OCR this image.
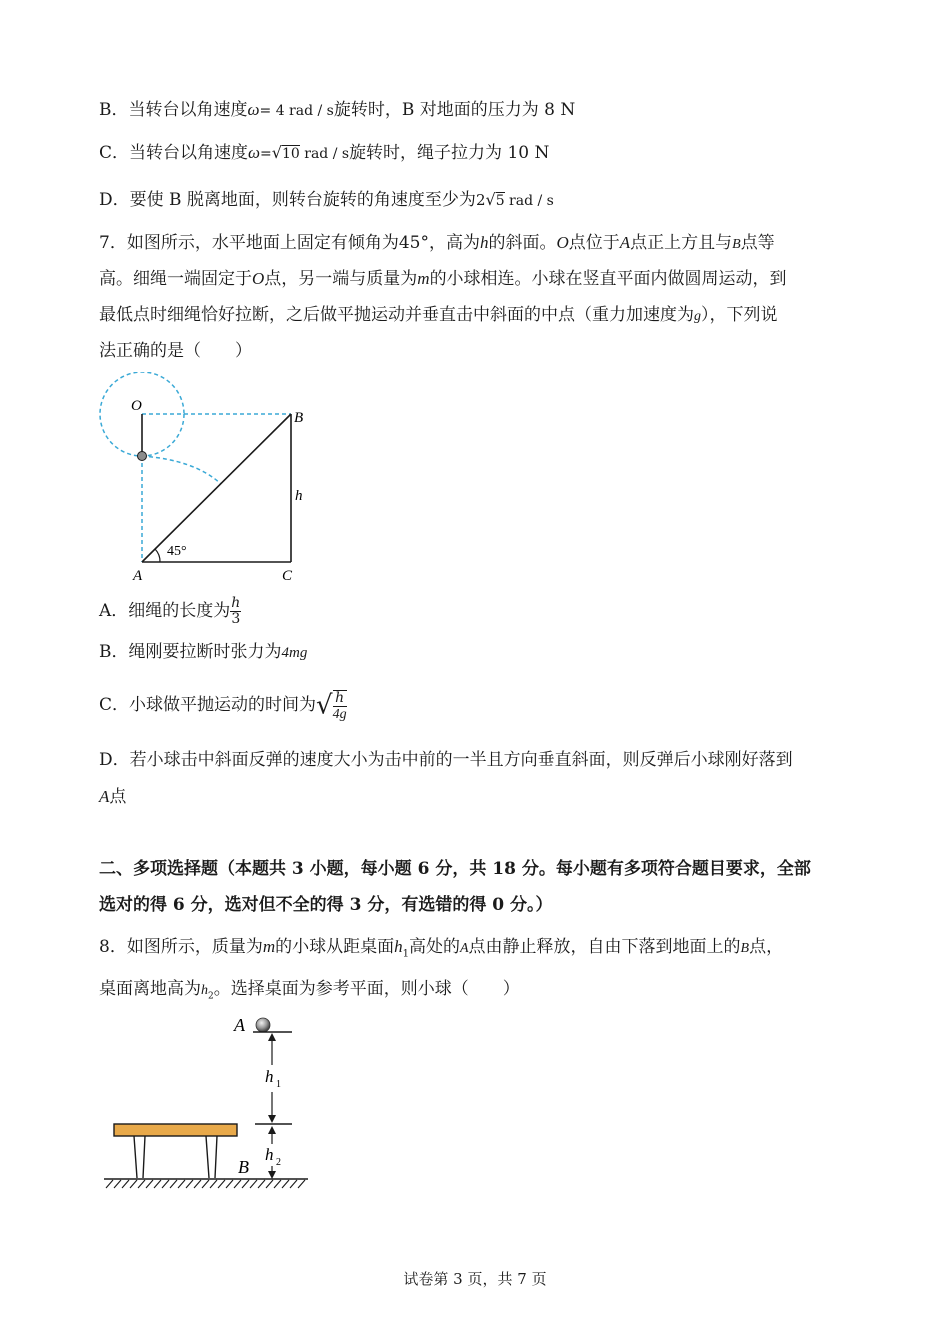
B．当转台以角速度ω= 4 rad / s旋转时，B 对地面的压力为 8 N
C．当转台以角速度ω=√10 rad / s旋转时，绳子拉力为 10 N
D．要使 B 脱离地面，则转台旋转的角速度至少为2√5 rad / s
7．如图所示，水平地面上固定有倾角为45°，高为h的斜面。O点位于A点正上方且与B点等
高。细绳一端固定于O点，另一端与质量为m的小球相连。小球在竖直平面内做圆周运动，到
最低点时细绳恰好拉断，之后做平抛运动并垂直击中斜面的中点（重力加速度为g），下列说
法正确的是（　　）
O
B
h
45°
A	C
A．细绳的长度为 $\frac{h}{3}$
B．绳刚要拉断时张力为4mg
C．小球做平抛运动的时间为√ $\frac{h}{4g}$
D．若小球击中斜面反弹的速度大小为击中前的一半且方向垂直斜面，则反弹后小球刚好落到
A点
二、多项选择题（本题共 3 小题，每小题 6 分，共 18 分。每小题有多项符合题目要求，全部
选对的得 6 分，选对但不全的得 3 分，有选错的得 0 分。）
8．如图所示，质量为m的小球从距桌面$h_1$高处的A点由静止释放，自由下落到地面上的B点，
桌面离地高为$h_2$。选择桌面为参考平面，则小球（　　）
A
h 1
h 2
B
试卷第 3 页，共 7 页
